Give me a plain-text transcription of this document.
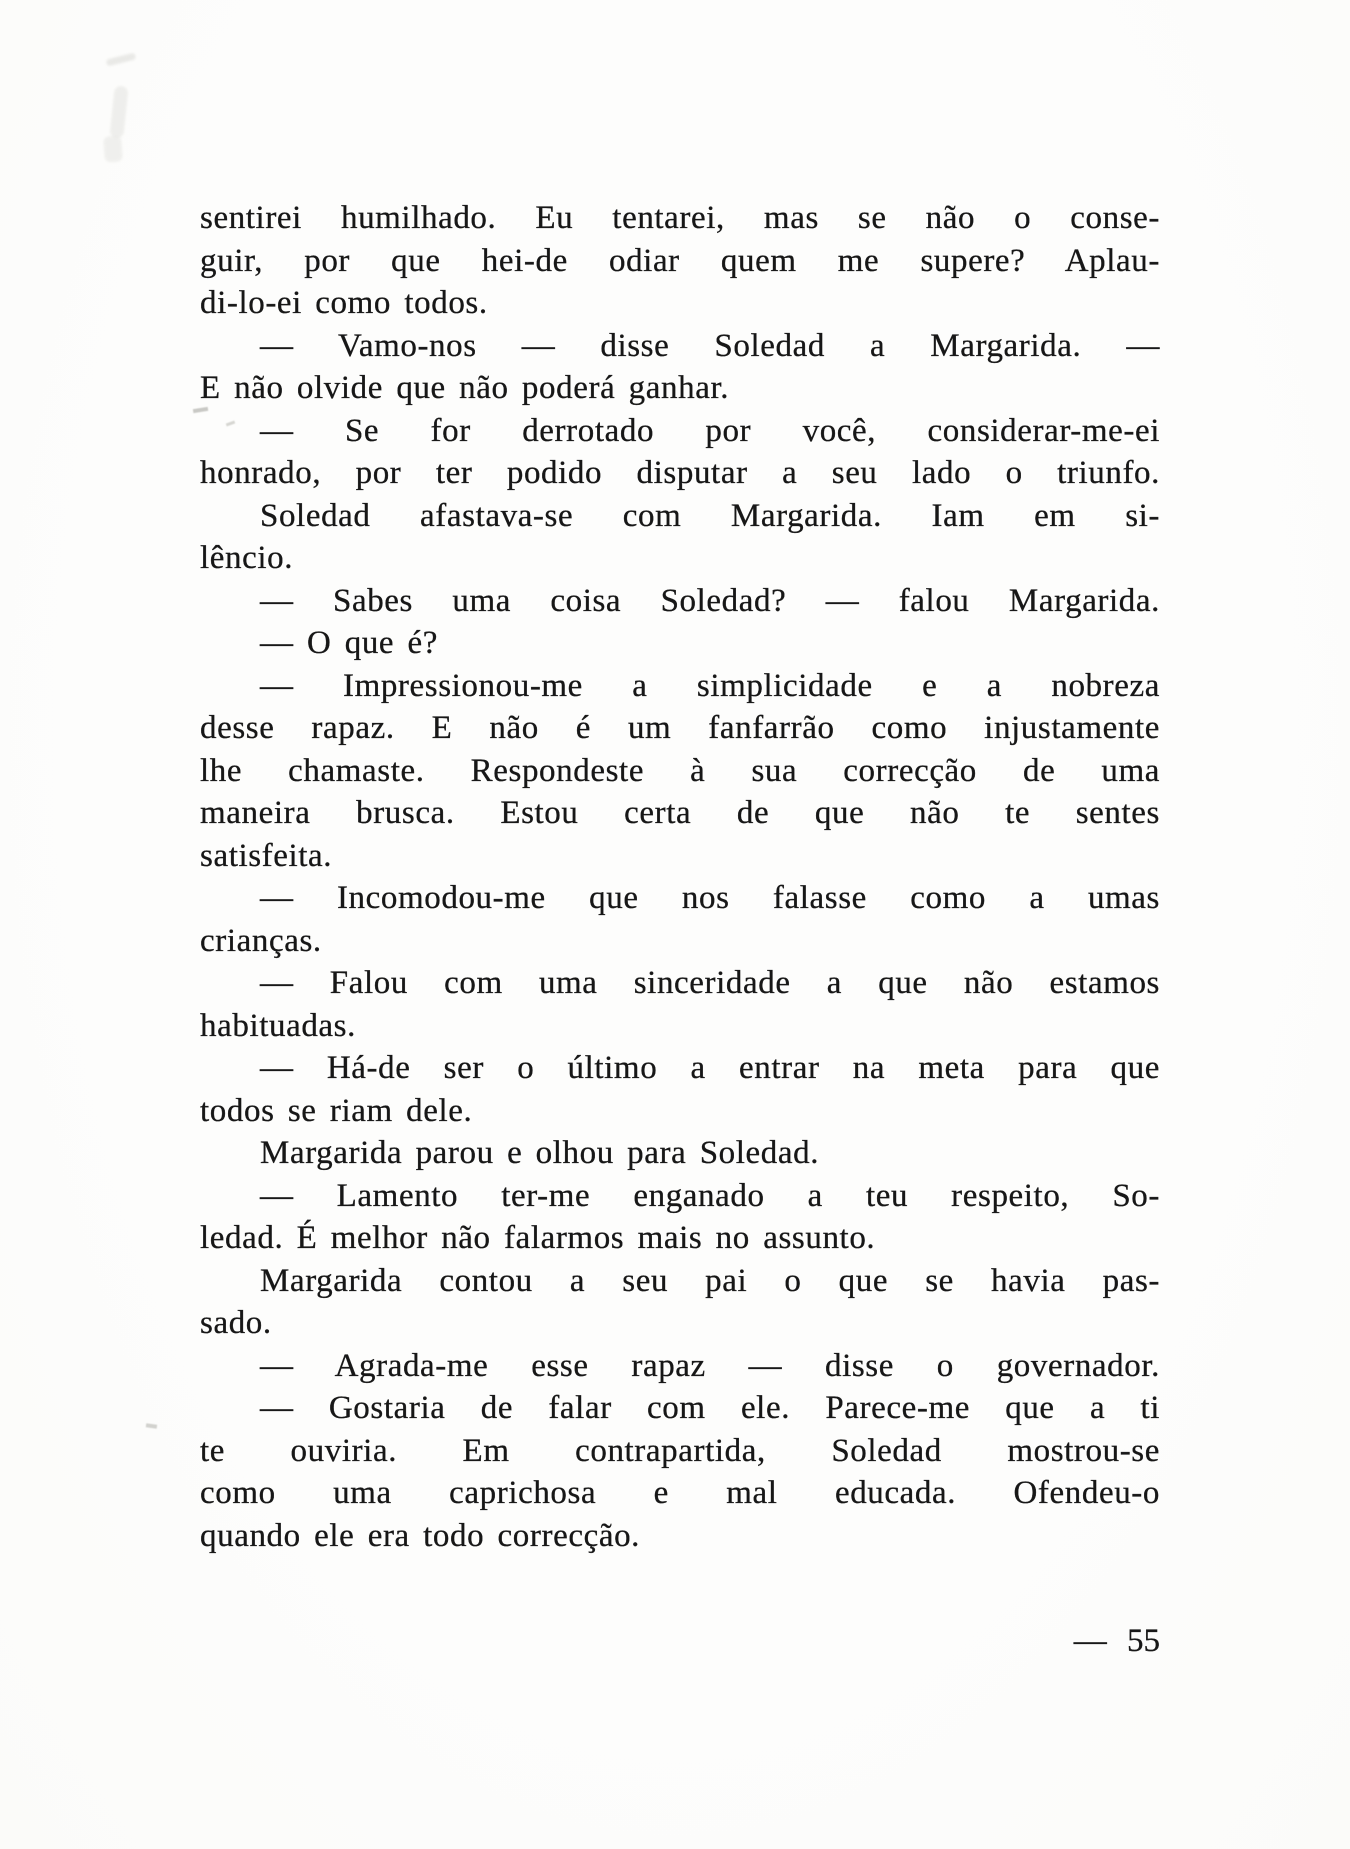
sentirei humilhado. Eu tentarei, mas se não o conse-
guir, por que hei-de odiar quem me supere? Aplau-
di-lo-ei como todos.
— Vamo-nos — disse Soledad a Margarida. —
E não olvide que não poderá ganhar.
— Se for derrotado por você, considerar-me-ei
honrado, por ter podido disputar a seu lado o triunfo.
Soledad afastava-se com Margarida. Iam em si-
lêncio.
— Sabes uma coisa Soledad? — falou Margarida.
— O que é?
— Impressionou-me a simplicidade e a nobreza
desse rapaz. E não é um fanfarrão como injustamente
lhe chamaste. Respondeste à sua correcção de uma
maneira brusca. Estou certa de que não te sentes
satisfeita.
— Incomodou-me que nos falasse como a umas
crianças.
— Falou com uma sinceridade a que não estamos
habituadas.
— Há-de ser o último a entrar na meta para que
todos se riam dele.
Margarida parou e olhou para Soledad.
— Lamento ter-me enganado a teu respeito, So-
ledad. É melhor não falarmos mais no assunto.
Margarida contou a seu pai o que se havia pas-
sado.
— Agrada-me esse rapaz — disse o governador.
— Gostaria de falar com ele. Parece-me que a ti
te ouviria. Em contrapartida, Soledad mostrou-se
como uma caprichosa e mal educada. Ofendeu-o
quando ele era todo correcção.
— 55
